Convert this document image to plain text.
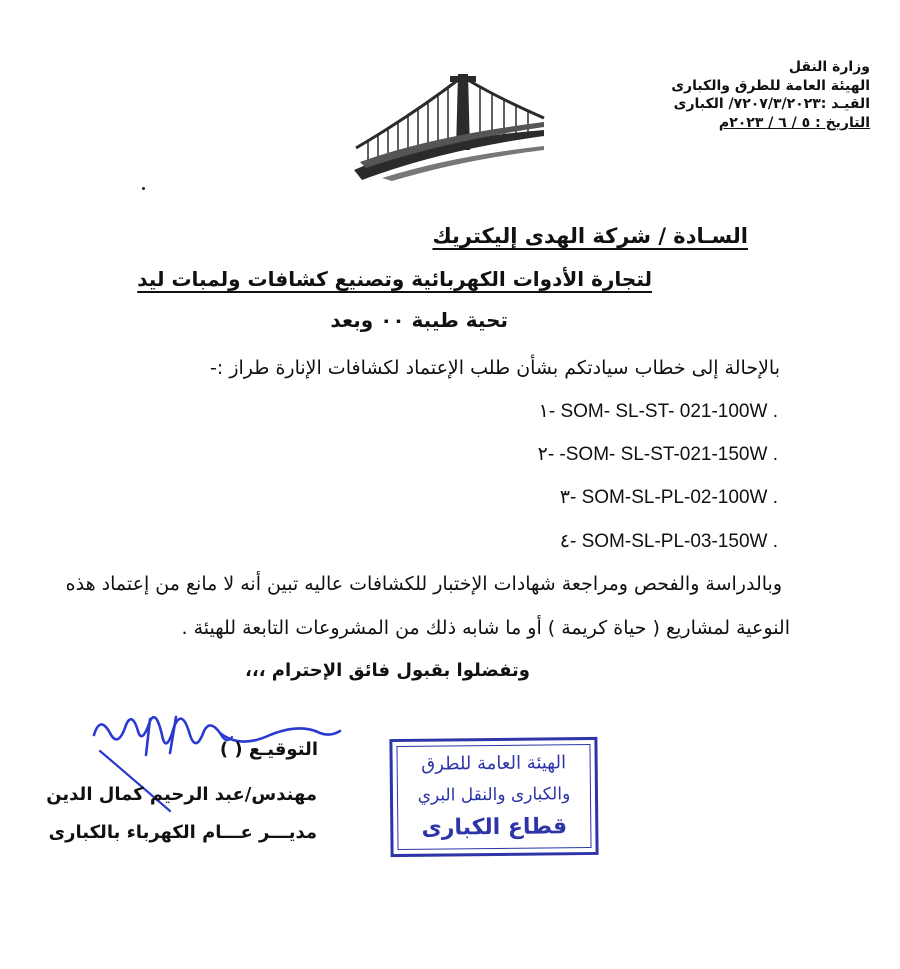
وزارة النقل
الهيئة العامة للطرق والكبارى
القيـد :٧٢٠٧/٣/٢٠٢٣/ الكبارى
التاريخ : ٥ / ٦ / ٢٠٢٣م
السـادة / شركة الهدى إليكتريك
لتجارة الأدوات الكهربائية وتصنيع كشافات ولمبات ليد
تحية طيبة ٠٠ وبعد
بالإحالة إلى خطاب سيادتكم بشأن طلب الإعتماد لكشافات الإنارة طراز :-
١- SOM- SL-ST- 021-100W .
٢- -SOM- SL-ST-021-150W .
٣- SOM-SL-PL-02-100W .
٤- SOM-SL-PL-03-150W .
وبالدراسة والفحص ومراجعة شهادات الإختبار للكشافات عاليه تبين أنه لا مانع من إعتماد هذه
النوعية لمشاريع ( حياة كريمة ) أو ما شابه ذلك من المشروعات التابعة للهيئة .
وتفضلوا بقبول فائق الإحترام ،،،
التوقيـع ( )
مهندس/عبد الرحيم كمال الدين
مديـــر عـــام الكهرباء بالكبارى
الهيئة العامة للطرق
والكبارى والنقل البري
قطاع الكبارى
